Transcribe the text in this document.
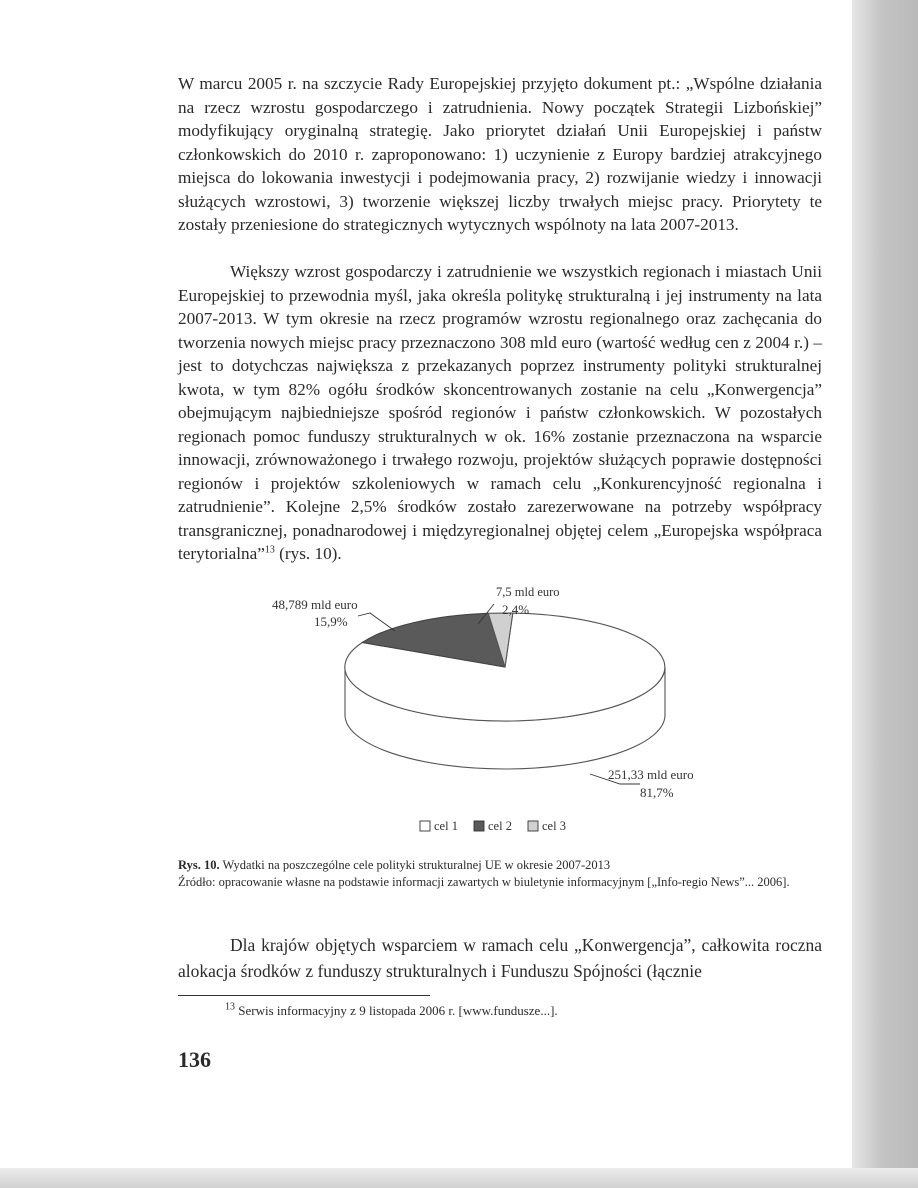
W marcu 2005 r. na szczycie Rady Europejskiej przyjęto dokument pt.: „Wspólne działania na rzecz wzrostu gospodarczego i zatrudnienia. Nowy początek Strategii Lizbońskiej” modyfikujący oryginalną strategię. Jako priorytet działań Unii Europejskiej i państw członkowskich do 2010 r. zaproponowano: 1) uczynienie z Europy bardziej atrakcyjnego miejsca do lokowania inwestycji i podejmowania pracy, 2) rozwijanie wiedzy i innowacji służących wzrostowi, 3) tworzenie większej liczby trwałych miejsc pracy. Priorytety te zostały przeniesione do strategicznych wytycznych wspólnoty na lata 2007-2013.

Większy wzrost gospodarczy i zatrudnienie we wszystkich regionach i miastach Unii Europejskiej to przewodnia myśl, jaka określa politykę strukturalną i jej instrumenty na lata 2007-2013. W tym okresie na rzecz programów wzrostu regionalnego oraz zachęcania do tworzenia nowych miejsc pracy przeznaczono 308 mld euro (wartość według cen z 2004 r.) – jest to dotychczas największa z przekazanych poprzez instrumenty polityki strukturalnej kwota, w tym 82% ogółu środków skoncentrowanych zostanie na celu „Konwergencja” obejmującym najbiedniejsze spośród regionów i państw członkowskich. W pozostałych regionach pomoc funduszy strukturalnych w ok. 16% zostanie przeznaczona na wsparcie innowacji, zrównoważonego i trwałego rozwoju, projektów służących poprawie dostępności regionów i projektów szkoleniowych w ramach celu „Konkurencyjność regionalna i zatrudnienie”. Kolejne 2,5% środków zostało zarezerwowane na potrzeby współpracy transgranicznej, ponadnarodowej i międzyregionalnej objętej celem „Europejska współpraca terytorialna”$^{13}$ (rys. 10).

48,789 mld euro
15,9%
7,5 mld euro
2,4%
251,33 mld euro
81,7%
cel 1 cel 2 cel 3

Rys. 10. Wydatki na poszczególne cele polityki strukturalnej UE w okresie 2007-2013
Źródło: opracowanie własne na podstawie informacji zawartych w biuletynie informacyjnym [„Info-regio News”... 2006].

Dla krajów objętych wsparciem w ramach celu „Konwergencja”, całkowita roczna alokacja środków z funduszy strukturalnych i Funduszu Spójności (łącznie

$^{13}$ Serwis informacyjny z 9 listopada 2006 r. [www.fundusze...].

136
